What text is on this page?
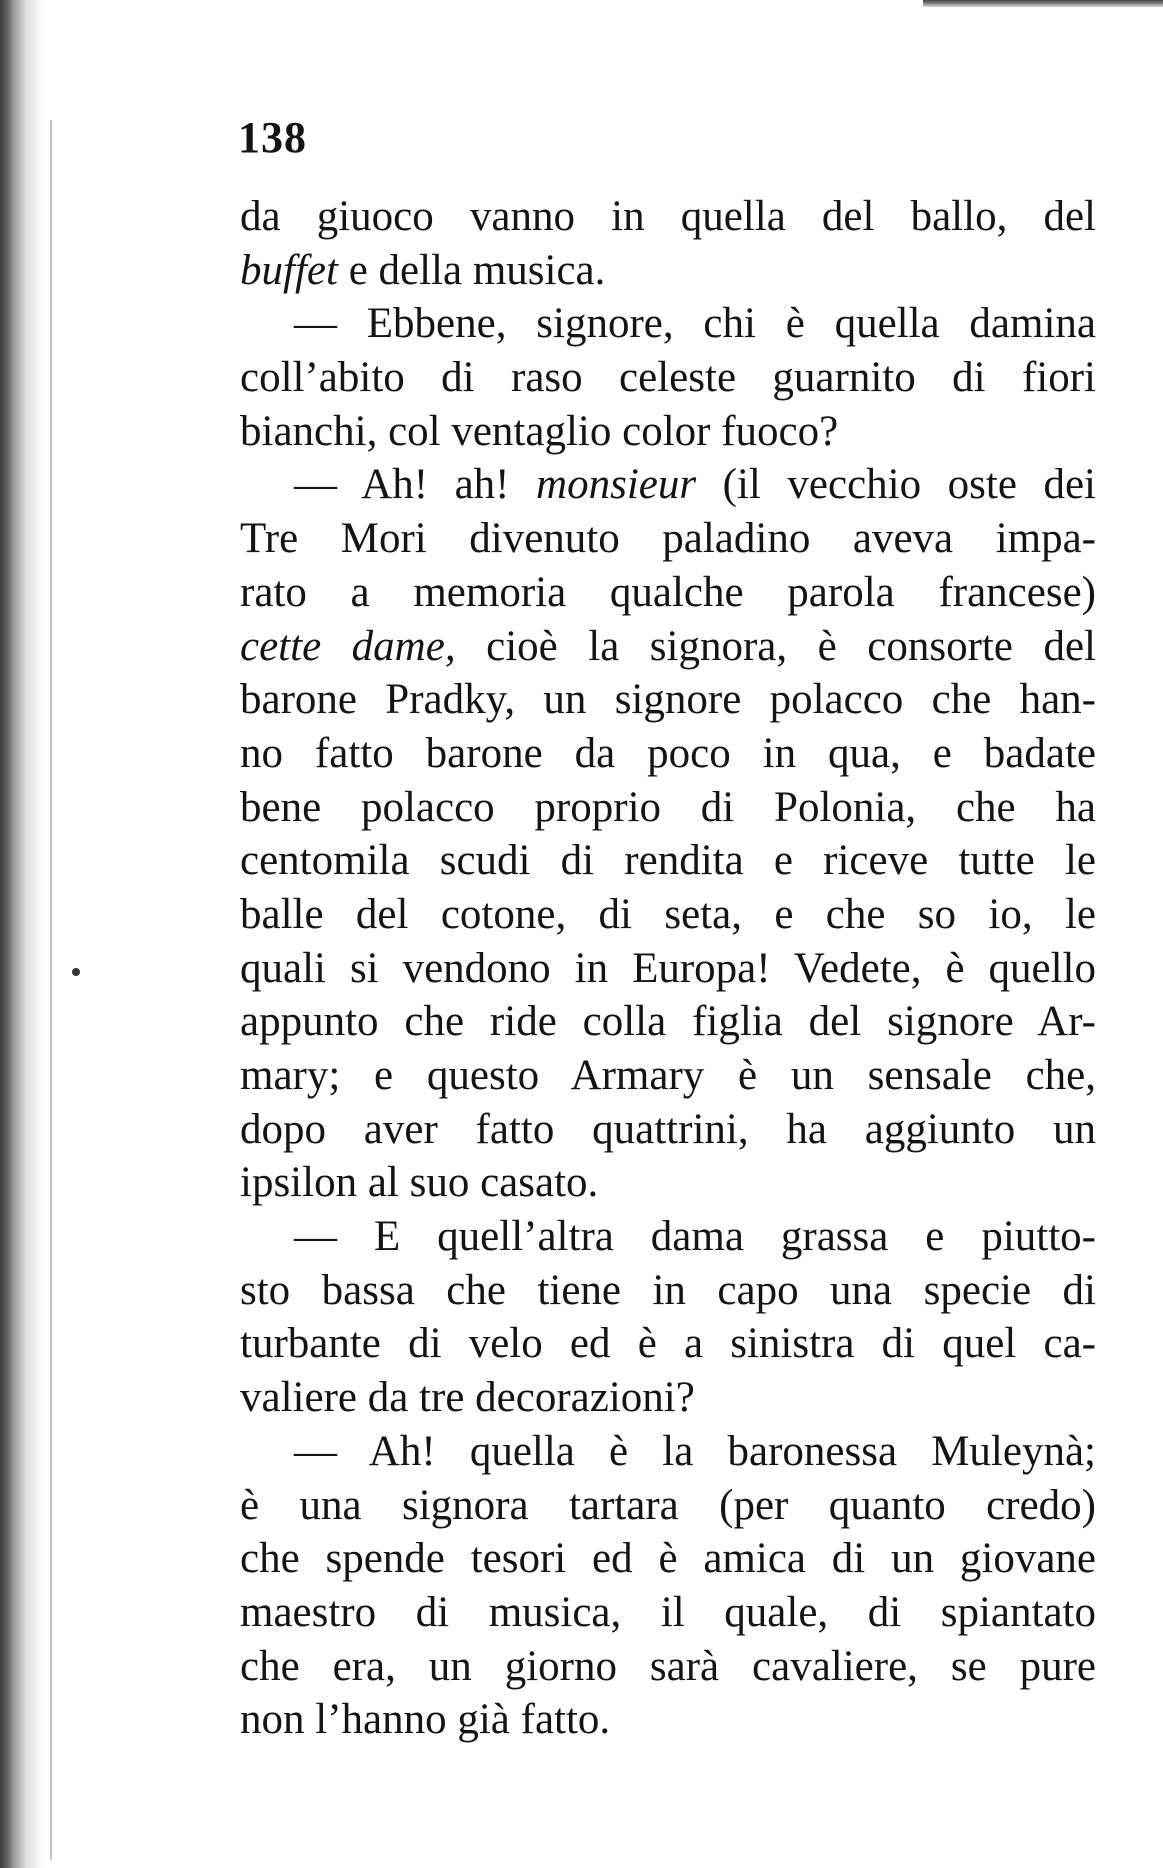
138
da giuoco vanno in quella del ballo, del
buffet e della musica.
— Ebbene, signore, chi è quella damina
coll’abito di raso celeste guarnito di fiori
bianchi, col ventaglio color fuoco?
— Ah! ah! monsieur (il vecchio oste dei
Tre Mori divenuto paladino aveva impa-
rato a memoria qualche parola francese)
cette dame, cioè la signora, è consorte del
barone Pradky, un signore polacco che han-
no fatto barone da poco in qua, e badate
bene polacco proprio di Polonia, che ha
centomila scudi di rendita e riceve tutte le
balle del cotone, di seta, e che so io, le
quali si vendono in Europa! Vedete, è quello
appunto che ride colla figlia del signore Ar-
mary; e questo Armary è un sensale che,
dopo aver fatto quattrini, ha aggiunto un
ipsilon al suo casato.
— E quell’altra dama grassa e piutto-
sto bassa che tiene in capo una specie di
turbante di velo ed è a sinistra di quel ca-
valiere da tre decorazioni?
— Ah! quella è la baronessa Muleynà;
è una signora tartara (per quanto credo)
che spende tesori ed è amica di un giovane
maestro di musica, il quale, di spiantato
che era, un giorno sarà cavaliere, se pure
non l’hanno già fatto.
